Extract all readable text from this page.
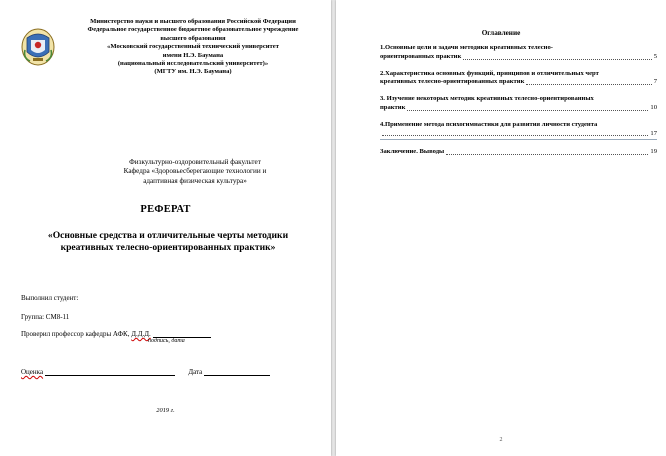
Министерство науки и высшего образования Российской Федерации
Федеральное государственное бюджетное образовательное учреждение
высшего образования
«Московский государственный технический университет
имени Н.Э. Баумана
(национальный исследовательский университет)»
(МГТУ им. Н.Э. Баумана)
Физкультурно-оздоровительный факультет
Кафедра «Здоровьесберегающие технологии и
адаптивная физическая культура»
РЕФЕРАТ
«Основные средства и отличительные черты методики
креативных телесно-ориентированных практик»
Выполнил студент:
Группа: СМ8-11
Проверил профессор кафедры АФК, Д.Д.Д.
подпись, дата
Оценка	Дата
2019 г.
Оглавление
1.Основные цели и задачи методики креативных телесно-
ориентированных практик	5
2.Характеристика основных функций, принципов и отличительных черт
креативных телесно-ориентированных практик	7
3. Изучение некоторых методик креативных телесно-ориентированных
практик	10
4.Применение метода психогимнастики для развития личности студента
17
Заключение. Выводы	19
2
